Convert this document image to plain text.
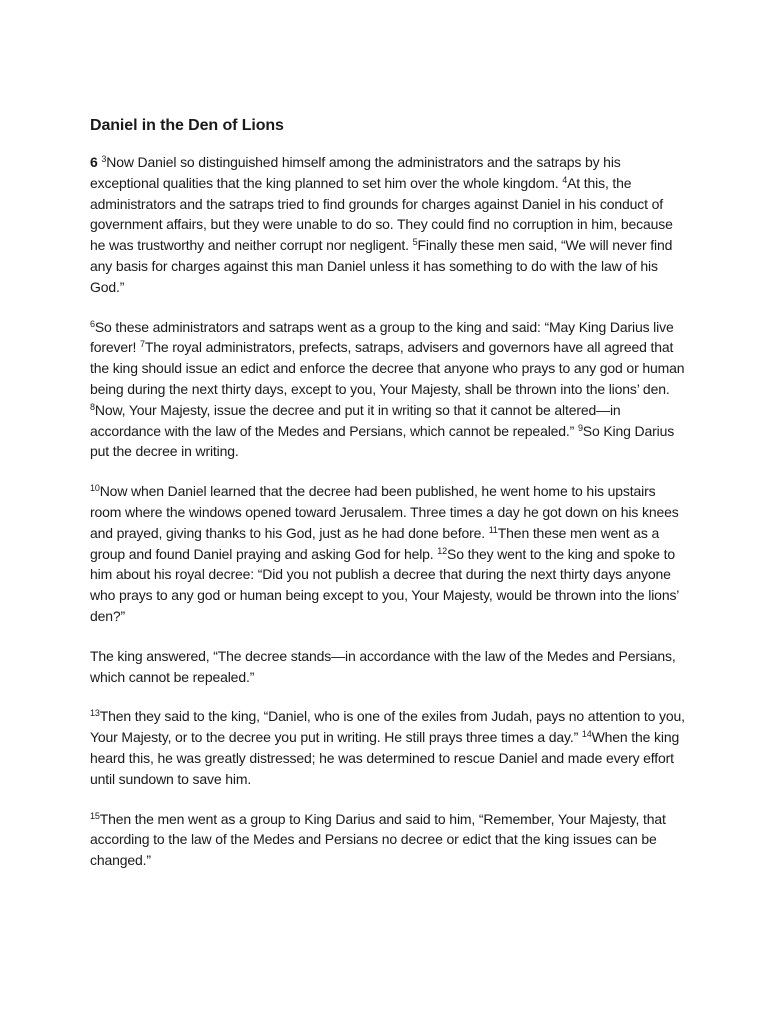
Daniel in the Den of Lions

6 $^3$Now Daniel so distinguished himself among the administrators and the satraps by his exceptional qualities that the king planned to set him over the whole kingdom. $^4$At this, the administrators and the satraps tried to find grounds for charges against Daniel in his conduct of government affairs, but they were unable to do so. They could find no corruption in him, because he was trustworthy and neither corrupt nor negligent. $^5$Finally these men said, “We will never find any basis for charges against this man Daniel unless it has something to do with the law of his God.”

$^6$So these administrators and satraps went as a group to the king and said: “May King Darius live forever! $^7$The royal administrators, prefects, satraps, advisers and governors have all agreed that the king should issue an edict and enforce the decree that anyone who prays to any god or human being during the next thirty days, except to you, Your Majesty, shall be thrown into the lions’ den. $^8$Now, Your Majesty, issue the decree and put it in writing so that it cannot be altered—in accordance with the law of the Medes and Persians, which cannot be repealed.” $^9$So King Darius put the decree in writing.

$^{10}$Now when Daniel learned that the decree had been published, he went home to his upstairs room where the windows opened toward Jerusalem. Three times a day he got down on his knees and prayed, giving thanks to his God, just as he had done before. $^{11}$Then these men went as a group and found Daniel praying and asking God for help. $^{12}$So they went to the king and spoke to him about his royal decree: “Did you not publish a decree that during the next thirty days anyone who prays to any god or human being except to you, Your Majesty, would be thrown into the lions’ den?”

The king answered, “The decree stands—in accordance with the law of the Medes and Persians, which cannot be repealed.”

$^{13}$Then they said to the king, “Daniel, who is one of the exiles from Judah, pays no attention to you, Your Majesty, or to the decree you put in writing. He still prays three times a day.” $^{14}$When the king heard this, he was greatly distressed; he was determined to rescue Daniel and made every effort until sundown to save him.

$^{15}$Then the men went as a group to King Darius and said to him, “Remember, Your Majesty, that according to the law of the Medes and Persians no decree or edict that the king issues can be changed.”
